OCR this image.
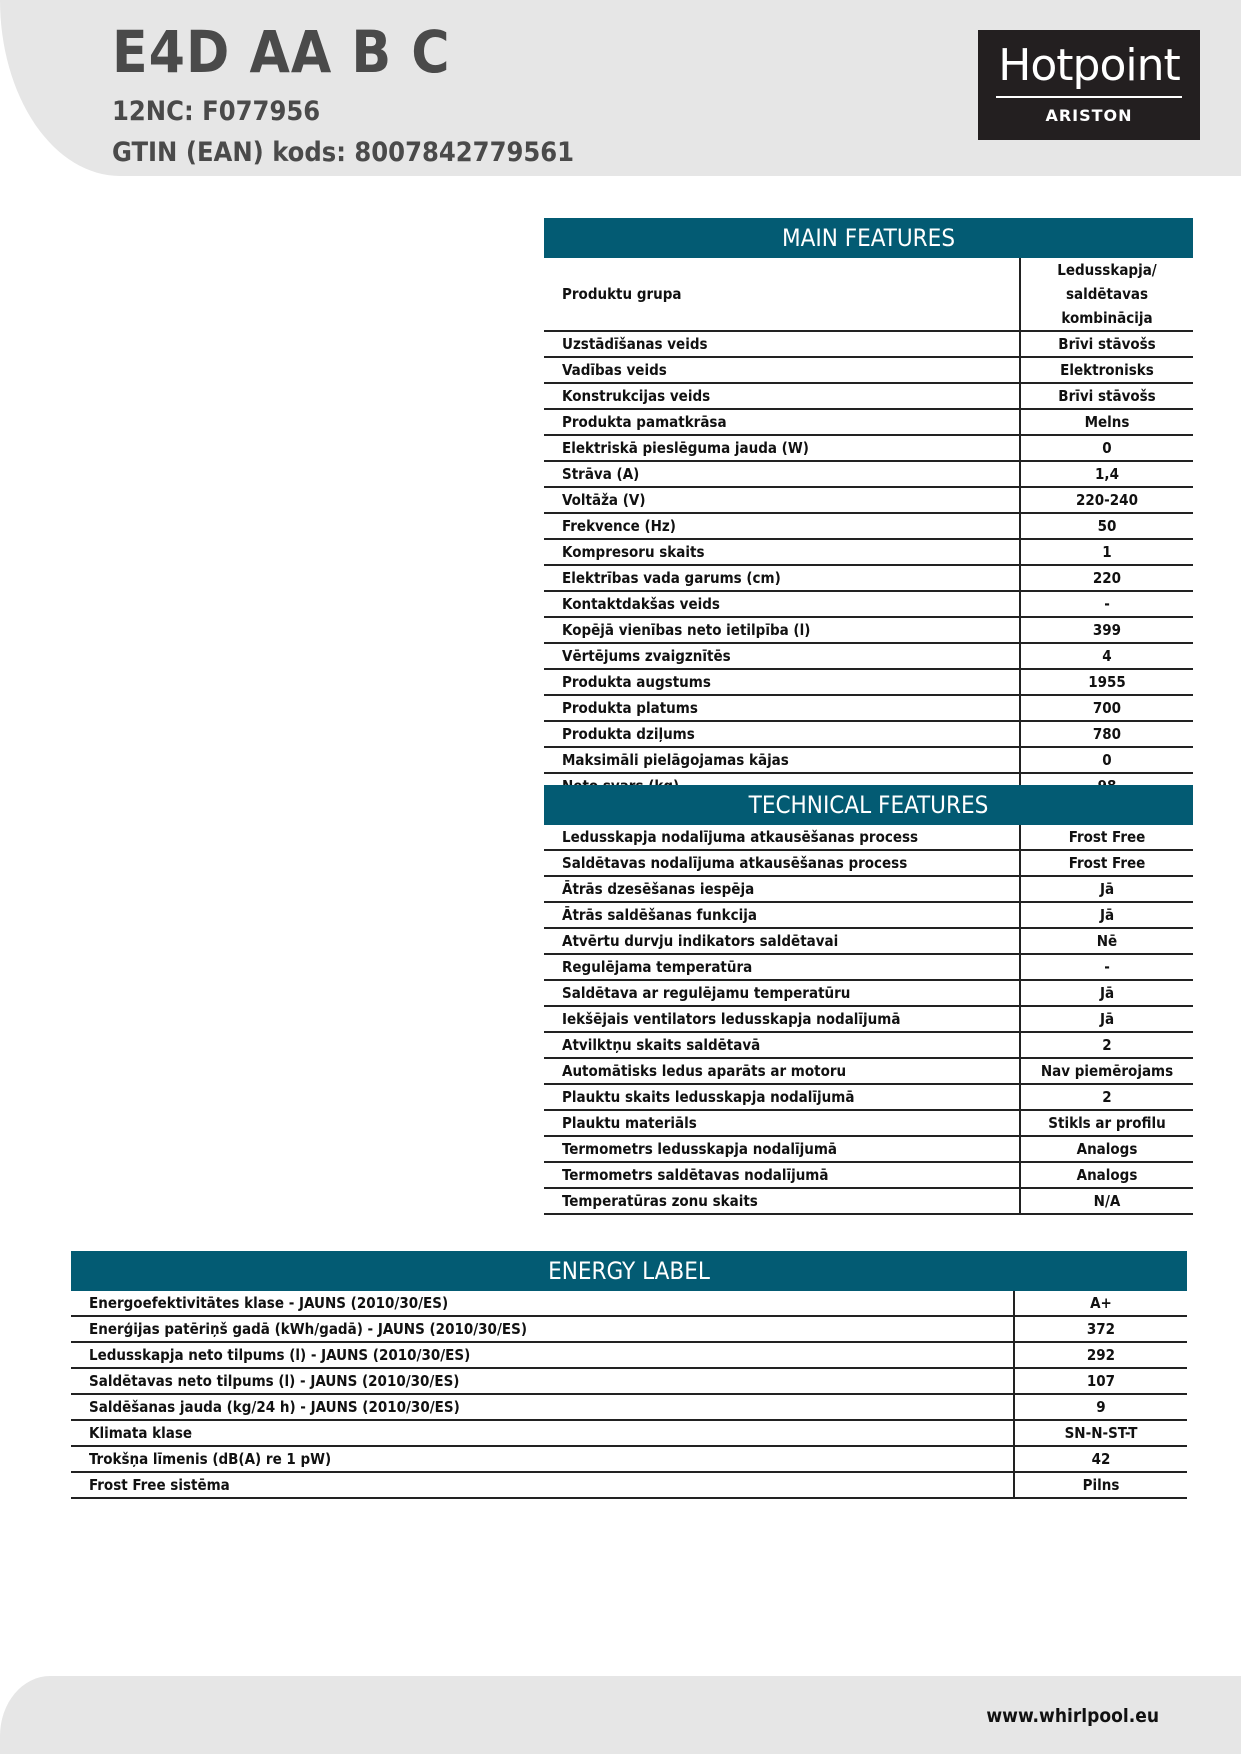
E4D AA B C
12NC: F077956
GTIN (EAN) kods: 8007842779561
Hotpoint
ARISTON
MAIN FEATURES
Produktu grupa	Ledusskapja/
saldētavas kombinācija
Uzstādīšanas veids	Brīvi stāvošs
Vadības veids	Elektronisks
Konstrukcijas veids	Brīvi stāvošs
Produkta pamatkrāsa	Melns
Elektriskā pieslēguma jauda (W)	0
Strāva (A)	1,4
Voltāža (V)	220-240
Frekvence (Hz)	50
Kompresoru skaits	1
Elektrības vada garums (cm)	220
Kontaktdakšas veids	-
Kopējā vienības neto ietilpība (l)	399
Vērtējums zvaigznītēs	4
Produkta augstums	1955
Produkta platums	700
Produkta dziļums	780
Maksimāli pielāgojamas kājas	0

TECHNICAL FEATURES
Ledusskapja nodalījuma atkausēšanas process	Frost Free
Saldētavas nodalījuma atkausēšanas process	Frost Free
Ātrās dzesēšanas iespēja	Jā
Ātrās saldēšanas funkcija	Jā
Atvērtu durvju indikators saldētavai	Nē
Regulējama temperatūra	-
Saldētava ar regulējamu temperatūru	Jā
Iekšējais ventilators ledusskapja nodalījumā	Jā
Atvilktņu skaits saldētavā	2
Automātisks ledus aparāts ar motoru	Nav piemērojams
Plauktu skaits ledusskapja nodalījumā	2
Plauktu materiāls	Stikls ar profilu
Termometrs ledusskapja nodalījumā	Analogs
Termometrs saldētavas nodalījumā	Analogs
Temperatūras zonu skaits	N/A
ENERGY LABEL
Energoefektivitātes klase - JAUNS (2010/30/ES)	A+
Enerģijas patēriņš gadā (kWh/gadā) - JAUNS (2010/30/ES)	372
Ledusskapja neto tilpums (l) - JAUNS (2010/30/ES)	292
Saldētavas neto tilpums (l) - JAUNS (2010/30/ES)	107
Saldēšanas jauda (kg/24 h) - JAUNS (2010/30/ES)	9
Klimata klase	SN-N-ST-T
Trokšņa līmenis (dB(A) re 1 pW)	42
Frost Free sistēma	Pilns
www.whirlpool.eu
